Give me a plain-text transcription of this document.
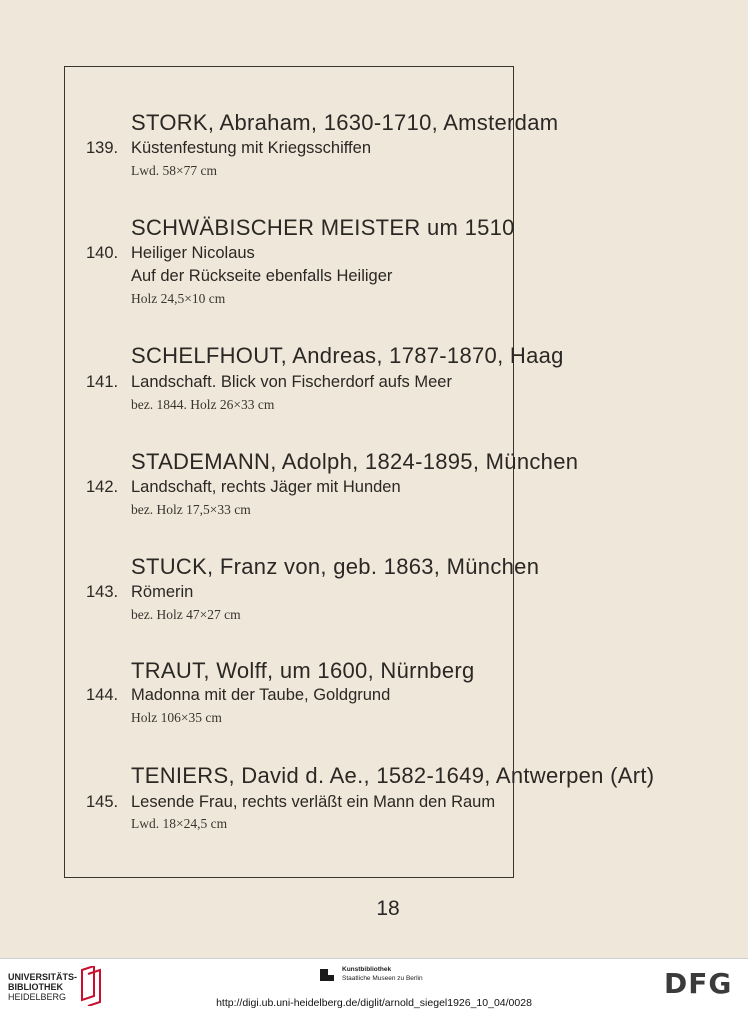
STORK, Abraham, 1630-1710, Amsterdam
139. Küstenfestung mit Kriegsschiffen
Lwd. 58×77 cm
SCHWÄBISCHER MEISTER um 1510
140. Heiliger Nicolaus
Auf der Rückseite ebenfalls Heiliger
Holz 24,5×10 cm
SCHELFHOUT, Andreas, 1787-1870, Haag
141. Landschaft. Blick von Fischerdorf aufs Meer
bez. 1844. Holz 26×33 cm
STADEMANN, Adolph, 1824-1895, München
142. Landschaft, rechts Jäger mit Hunden
bez. Holz 17,5×33 cm
STUCK, Franz von, geb. 1863, München
143. Römerin
bez. Holz 47×27 cm
TRAUT, Wolff, um 1600, Nürnberg
144. Madonna mit der Taube, Goldgrund
Holz 106×35 cm
TENIERS, David d. Ae., 1582-1649, Antwerpen (Art)
145. Lesende Frau, rechts verläßt ein Mann den Raum
Lwd. 18×24,5 cm
18
UNIVERSITÄTS-
BIBLIOTHEK
HEIDELBERG
Kunstbibliothek
Staatliche Museen zu Berlin	DFG
http://digi.ub.uni-heidelberg.de/diglit/arnold_siegel1926_10_04/0028
